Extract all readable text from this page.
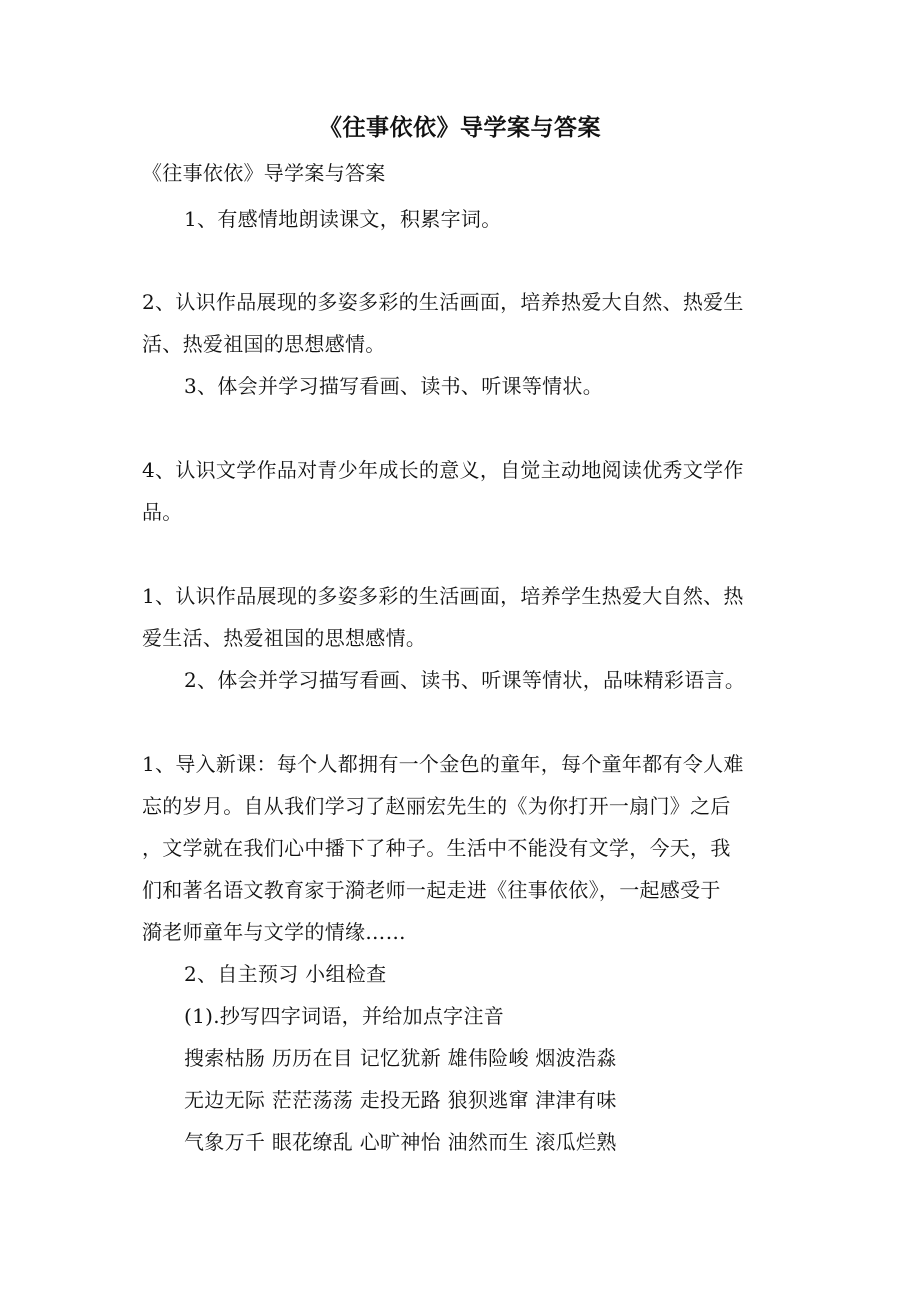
《往事依依》导学案与答案
《往事依依》导学案与答案
1、有感情地朗读课文，积累字词。
2、认识作品展现的多姿多彩的生活画面，培养热爱大自然、热爱生
活、热爱祖国的思想感情。
3、体会并学习描写看画、读书、听课等情状。
4、认识文学作品对青少年成长的意义，自觉主动地阅读优秀文学作
品。
1、认识作品展现的多姿多彩的生活画面，培养学生热爱大自然、热
爱生活、热爱祖国的思想感情。
2、体会并学习描写看画、读书、听课等情状，品味精彩语言。
1、导入新课：每个人都拥有一个金色的童年，每个童年都有令人难
忘的岁月。自从我们学习了赵丽宏先生的《为你打开一扇门》之后
，文学就在我们心中播下了种子。生活中不能没有文学，今天，我
们和著名语文教育家于漪老师一起走进《往事依依》，一起感受于
漪老师童年与文学的情缘……
2、自主预习 小组检查
(1).抄写四字词语，并给加点字注音
搜索枯肠 历历在目 记忆犹新 雄伟险峻 烟波浩淼
无边无际 茫茫荡荡 走投无路 狼狈逃窜 津津有味
气象万千 眼花缭乱 心旷神怡 油然而生 滚瓜烂熟
